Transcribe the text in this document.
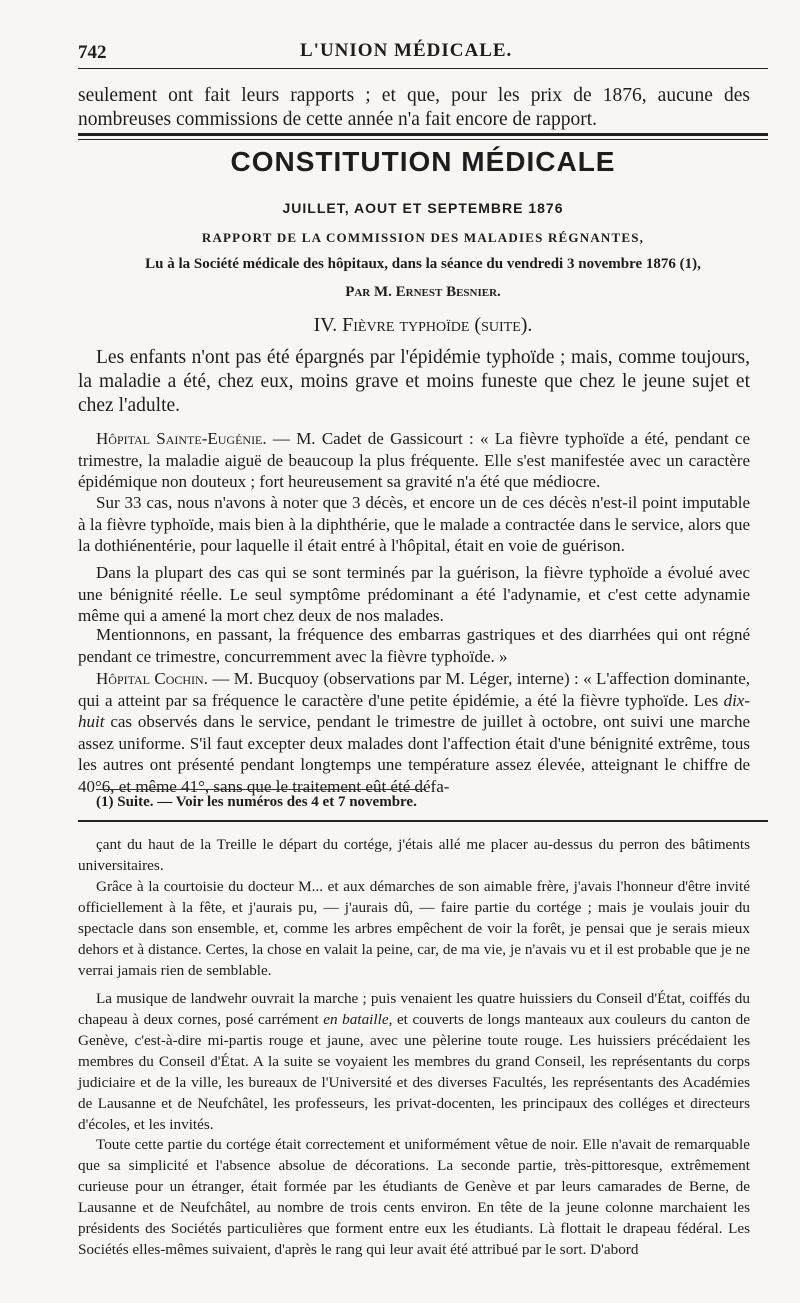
742	L'UNION MÉDICALE.

seulement ont fait leurs rapports ; et que, pour les prix de 1876, aucune des nombreuses commissions de cette année n'a fait encore de rapport.

CONSTITUTION MÉDICALE
JUILLET, AOUT ET SEPTEMBRE 1876
RAPPORT DE LA COMMISSION DES MALADIES RÉGNANTES,
Lu à la Société médicale des hôpitaux, dans la séance du vendredi 3 novembre 1876 (1),
Par M. Ernest Besnier.
IV. Fièvre typhoïde (suite).

Les enfants n'ont pas été épargnés par l'épidémie typhoïde ; mais, comme toujours, la maladie a été, chez eux, moins grave et moins funeste que chez le jeune sujet et chez l'adulte.

Hôpital Sainte-Eugénie. — M. Cadet de Gassicourt : « La fièvre typhoïde a été, pendant ce trimestre, la maladie aiguë de beaucoup la plus fréquente. Elle s'est manifestée avec un caractère épidémique non douteux ; fort heureusement sa gravité n'a été que médiocre.

Sur 33 cas, nous n'avons à noter que 3 décès, et encore un de ces décès n'est-il point imputable à la fièvre typhoïde, mais bien à la diphthérie, que le malade a contractée dans le service, alors que la dothiénentérie, pour laquelle il était entré à l'hôpital, était en voie de guérison.

Dans la plupart des cas qui se sont terminés par la guérison, la fièvre typhoïde a évolué avec une bénignité réelle. Le seul symptôme prédominant a été l'adynamie, et c'est cette adynamie même qui a amené la mort chez deux de nos malades.

Mentionnons, en passant, la fréquence des embarras gastriques et des diarrhées qui ont régné pendant ce trimestre, concurremment avec la fièvre typhoïde. »

Hôpital Cochin. — M. Bucquoy (observations par M. Léger, interne) : « L'affection dominante, qui a atteint par sa fréquence le caractère d'une petite épidémie, a été la fièvre typhoïde. Les dix-huit cas observés dans le service, pendant le trimestre de juillet à octobre, ont suivi une marche assez uniforme. S'il faut excepter deux malades dont l'affection était d'une bénignité extrême, tous les autres ont présenté pendant longtemps une température assez élevée, atteignant le chiffre de 40°6, et même 41°, sans que le traitement eût été défa-

(1) Suite. — Voir les numéros des 4 et 7 novembre.

çant du haut de la Treille le départ du cortége, j'étais allé me placer au-dessus du perron des bâtiments universitaires.

Grâce à la courtoisie du docteur M... et aux démarches de son aimable frère, j'avais l'honneur d'être invité officiellement à la fête, et j'aurais pu, — j'aurais dû, — faire partie du cortége ; mais je voulais jouir du spectacle dans son ensemble, et, comme les arbres empêchent de voir la forêt, je pensai que je serais mieux dehors et à distance. Certes, la chose en valait la peine, car, de ma vie, je n'avais vu et il est probable que je ne verrai jamais rien de semblable.

La musique de landwehr ouvrait la marche ; puis venaient les quatre huissiers du Conseil d'État, coiffés du chapeau à deux cornes, posé carrément en bataille, et couverts de longs manteaux aux couleurs du canton de Genève, c'est-à-dire mi-partis rouge et jaune, avec une pèlerine toute rouge. Les huissiers précédaient les membres du Conseil d'État. A la suite se voyaient les membres du grand Conseil, les représentants du corps judiciaire et de la ville, les bureaux de l'Université et des diverses Facultés, les représentants des Académies de Lausanne et de Neufchâtel, les professeurs, les privat-docenten, les principaux des colléges et directeurs d'écoles, et les invités.

Toute cette partie du cortége était correctement et uniformément vêtue de noir. Elle n'avait de remarquable que sa simplicité et l'absence absolue de décorations. La seconde partie, très-pittoresque, extrêmement curieuse pour un étranger, était formée par les étudiants de Genève et par leurs camarades de Berne, de Lausanne et de Neufchâtel, au nombre de trois cents environ. En tête de la jeune colonne marchaient les présidents des Sociétés particulières que forment entre eux les étudiants. Là flottait le drapeau fédéral. Les Sociétés elles-mêmes suivaient, d'après le rang qui leur avait été attribué par le sort. D'abord
